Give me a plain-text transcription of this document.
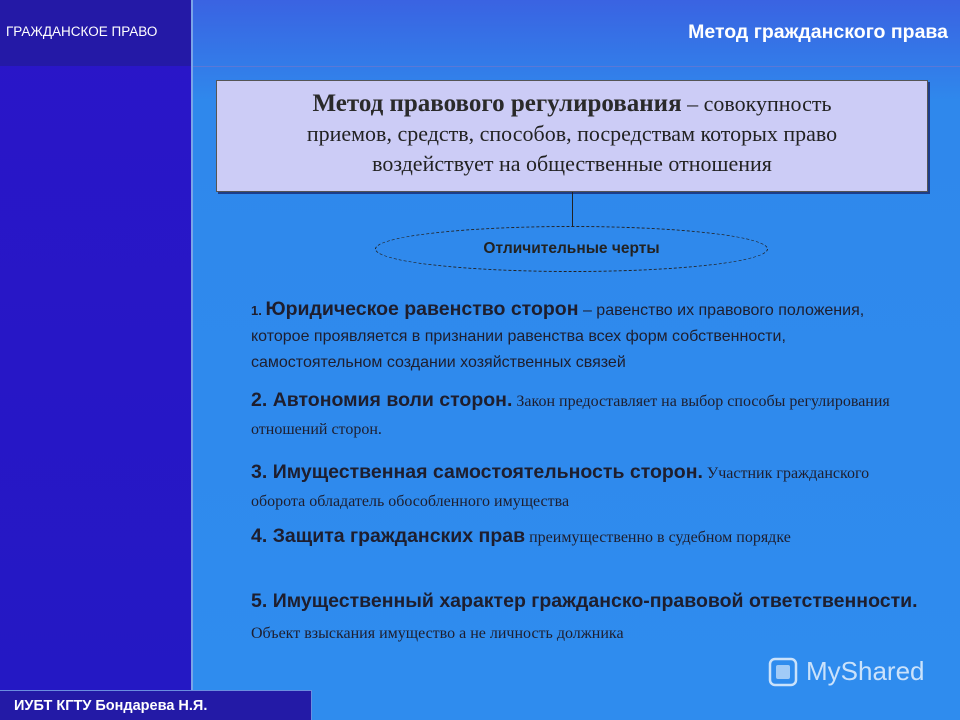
ГРАЖДАНСКОЕ ПРАВО	Метод гражданского права
Метод правового регулирования – совокупность
приемов, средств, способов, посредствам которых право
воздействует на общественные отношения
Отличительные черты
1. Юридическое равенство сторон – равенство их правового положения, которое проявляется в признании равенства всех форм собственности, самостоятельном создании хозяйственных связей
2. Автономия воли сторон. Закон предоставляет на выбор способы регулирования отношений сторон.
3. Имущественная самостоятельность сторон. Участник гражданского оборота обладатель обособленного имущества
4. Защита гражданских прав преимущественно в судебном порядке
5. Имущественный характер гражданско-правовой ответственности. Объект взыскания имущество а не личность должника
ИУБТ КГТУ Бондарева Н.Я.
MyShared
